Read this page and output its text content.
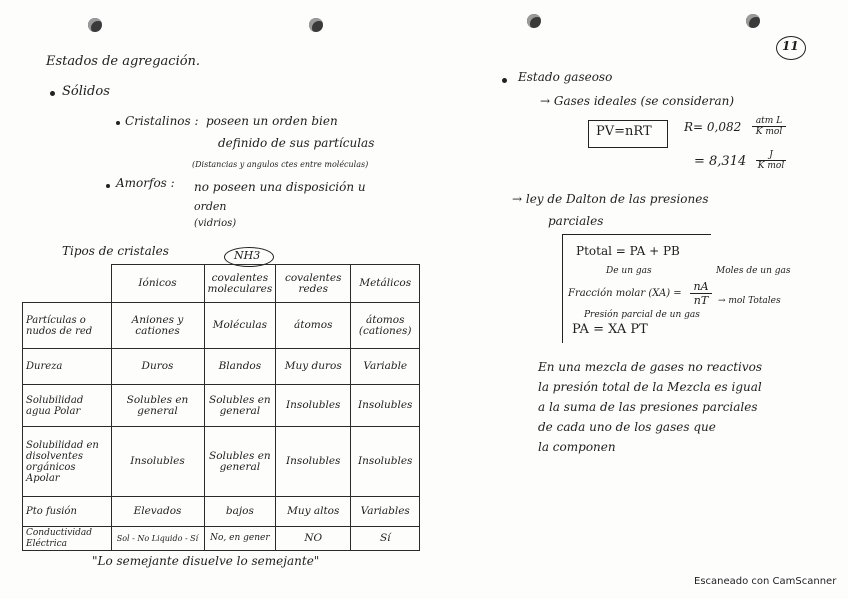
Estados de agregación.
Sólidos
Cristalinos : poseen un orden bien
definido de sus partículas
(Distancias y angulos ctes entre moléculas)
Amorfos : no poseen una disposición u
orden
(vidrios)
Tipos de cristales	NH3
	Iónicos	covalentes moleculares	covalentes redes	Metálicos
Partículas o nudos de red	Aniones y cationes	Moléculas	átomos	átomos (cationes)
Dureza	Duros	Blandos	Muy duros	Variable
Solubilidad agua Polar	Solubles en general	Solubles en general	Insolubles	Insolubles
Solubilidad en disolventes orgánicos Apolar	Insolubles	Solubles en general	Insolubles	Insolubles
Pto fusión	Elevados	bajos	Muy altos	Variables
Conductividad Eléctrica	Sol - No Liquido - Sí	No, en gener	NO	Sí
"Lo semejante disuelve lo semejante"
11
Estado gaseoso
→ Gases ideales (se consideran)
PV=nRT	R= 0,082	atm L
K mol
= 8,314	J
K mol
→ ley de Dalton de las presiones
parciales
Ptotal = PA + PB
De un gas	Moles de un gas
Fracción molar $(XA) = \frac{nA}{nT}$ → mol Totales
Presión parcial de un gas
PA = XA PT
En una mezcla de gases no reactivos
la presión total de la Mezcla es igual
a la suma de las presiones parciales
de cada uno de los gases que
la componen
Escaneado con CamScanner
